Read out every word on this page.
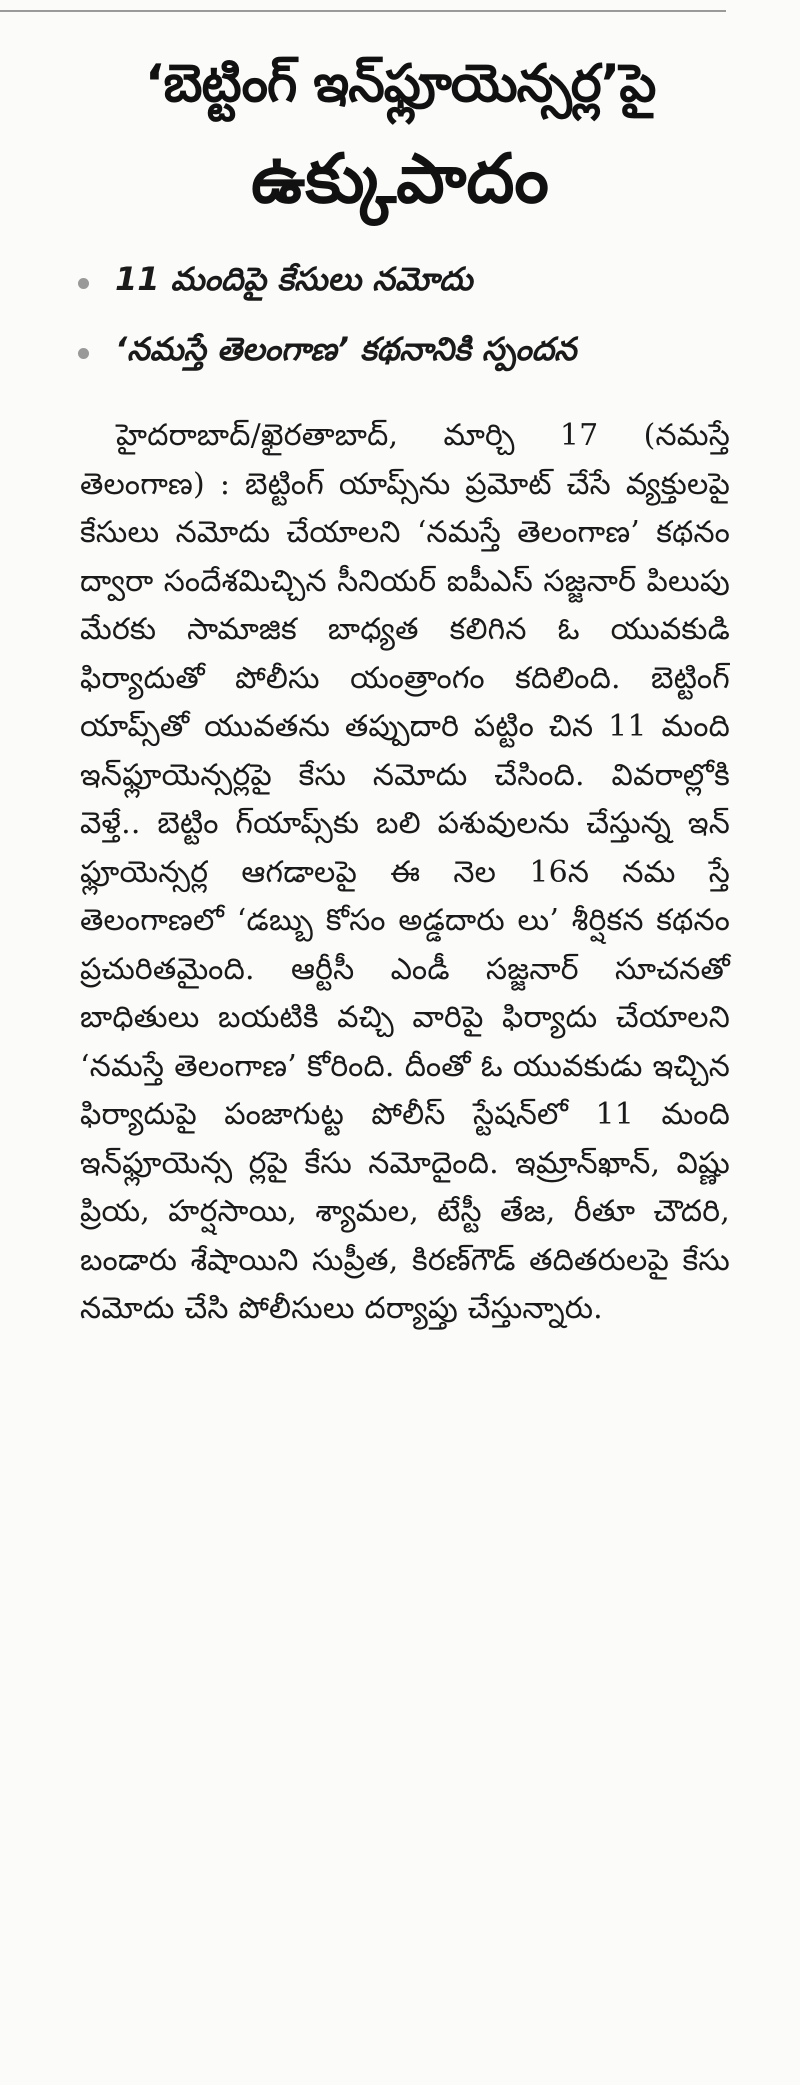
‘బెట్టింగ్ ఇన్‌ఫ్లూయెన్సర్ల’పై
ఉక్కుపాదం
11 మందిపై కేసులు నమోదు
‘నమస్తే తెలంగాణ’ కథనానికి స్పందన
హైదరాబాద్/ఖైరతాబాద్, మార్చి 17 (నమస్తే తెలంగాణ) : బెట్టింగ్ యాప్స్‌ను ప్రమోట్ చేసే వ్యక్తులపై కేసులు నమోదు చేయాలని ‘నమస్తే తెలంగాణ’ కథనం ద్వారా సందేశమిచ్చిన సీనియర్ ఐపీఎస్ సజ్జనార్ పిలుపు మేరకు సామాజిక బాధ్యత కలిగిన ఓ యువకుడి ఫిర్యాదుతో పోలీసు యంత్రాంగం కదిలింది. బెట్టింగ్ యాప్స్‌తో యువతను తప్పుదారి పట్టిం చిన 11 మంది ఇన్‌ఫ్లూయెన్సర్లపై కేసు నమోదు చేసింది. వివరాల్లోకి వెళ్తే.. బెట్టిం గ్‌యాప్స్‌కు బలి పశువులను చేస్తున్న ఇన్ ఫ్లూయెన్సర్ల ఆగడాలపై ఈ నెల 16న నమ స్తే తెలంగాణలో ‘డబ్బు కోసం అడ్డదారు లు’ శీర్షికన కథనం ప్రచురితమైంది. ఆర్టీసీ ఎండీ సజ్జనార్ సూచనతో బాధితులు బయటికి వచ్చి వారిపై ఫిర్యాదు చేయాలని ‘నమస్తే తెలంగాణ’ కోరింది. దీంతో ఓ యువకుడు ఇచ్చిన ఫిర్యాదుపై పంజాగుట్ట పోలీస్ స్టేషన్‌లో 11 మంది ఇన్‌ఫ్లూయెన్స ర్లపై కేసు నమోదైంది. ఇమ్రాన్‌ఖాన్, విష్ణు ప్రియ, హర్షసాయి, శ్యామల, టేస్టీ తేజ, రీతూ చౌదరి, బండారు శేషాయిని సుప్రీత, కిరణ్‌గౌడ్ తదితరులపై కేసు నమోదు చేసి పోలీసులు దర్యాప్తు చేస్తున్నారు.
